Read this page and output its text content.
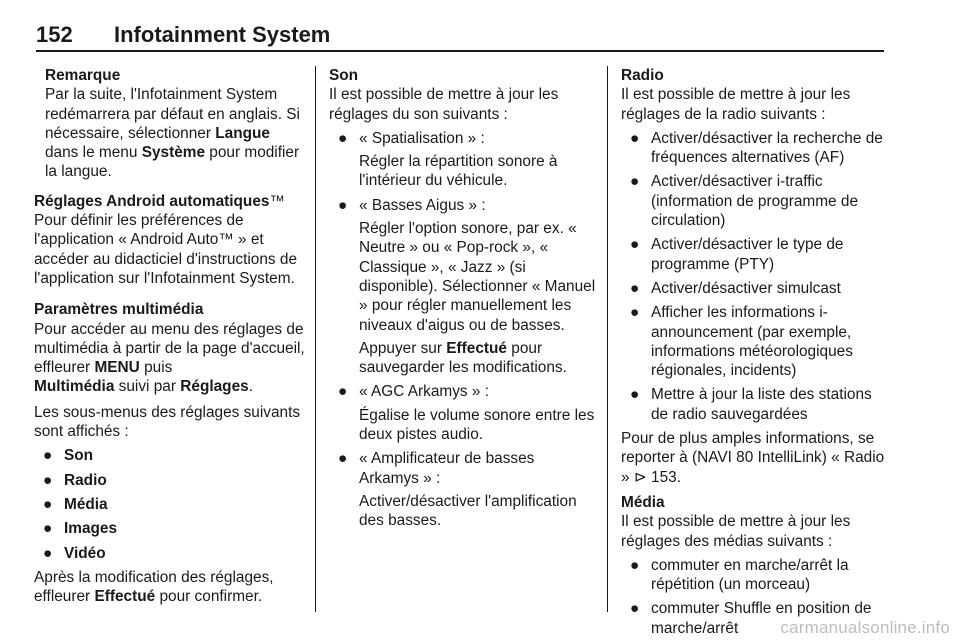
152 Infotainment System

Remarque

Par la suite, l'Infotainment System redémarrera par défaut en anglais. Si nécessaire, sélectionner Langue dans le menu Système pour modifier la langue.

Réglages Android automatiques™

Pour définir les préférences de l'application « Android Auto™ » et accéder au didacticiel d'instructions de l'application sur l'Infotainment System.

Paramètres multimédia

Pour accéder au menu des réglages de multimédia à partir de la page d'accueil, effleurer MENU puis
Multimédia suivi par Réglages.

Les sous-menus des réglages suivants sont affichés :

● Son
● Radio
● Média
● Images
● Vidéo

Après la modification des réglages, effleurer Effectué pour confirmer.

Son

Il est possible de mettre à jour les réglages du son suivants :

● « Spatialisation » :

Régler la répartition sonore à l'intérieur du véhicule.

● « Basses Aigus » :

Régler l'option sonore, par ex. « Neutre » ou « Pop-rock », « Classique », « Jazz » (si disponible). Sélectionner « Manuel » pour régler manuellement les niveaux d'aigus ou de basses.

Appuyer sur Effectué pour sauvegarder les modifications.

● « AGC Arkamys » :

Égalise le volume sonore entre les deux pistes audio.

● « Amplificateur de basses Arkamys » :

Activer/désactiver l'amplification des basses.

Radio

Il est possible de mettre à jour les réglages de la radio suivants :

● Activer/désactiver la recherche de fréquences alternatives (AF)
● Activer/désactiver i-traffic (information de programme de circulation)
● Activer/désactiver le type de programme (PTY)
● Activer/désactiver simulcast
● Afficher les informations i-announcement (par exemple, informations météorologiques régionales, incidents)
● Mettre à jour la liste des stations de radio sauvegardées

Pour de plus amples informations, se reporter à (NAVI 80 IntelliLink) « Radio » ⊳ 153.

Média

Il est possible de mettre à jour les réglages des médias suivants :

● commuter en marche/arrêt la répétition (un morceau)
● commuter Shuffle en position de marche/arrêt	carmanualsonline.info
